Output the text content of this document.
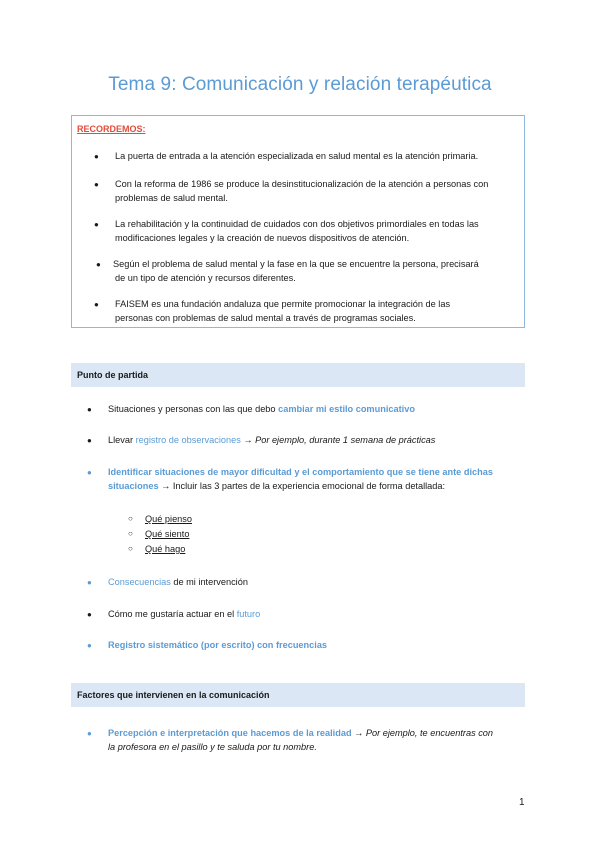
Tema 9: Comunicación y relación terapéutica
RECORDEMOS:
● La puerta de entrada a la atención especializada en salud mental es la atención primaria.
● Con la reforma de 1986 se produce la desinstitucionalización de la atención a personas con
problemas de salud mental.
● La rehabilitación y la continuidad de cuidados con dos objetivos primordiales en todas las
modificaciones legales y la creación de nuevos dispositivos de atención.
● Según el problema de salud mental y la fase en la que se encuentre la persona, precisará
de un tipo de atención y recursos diferentes.
● FAISEM es una fundación andaluza que permite promocionar la integración de las
personas con problemas de salud mental a través de programas sociales.
Punto de partida
● Situaciones y personas con las que debo cambiar mi estilo comunicativo
● Llevar registro de observaciones → Por ejemplo, durante 1 semana de prácticas
● Identificar situaciones de mayor dificultad y el comportamiento que se tiene ante dichas
situaciones → Incluir las 3 partes de la experiencia emocional de forma detallada:
○ Qué pienso
○ Qué siento
○ Qué hago
● Consecuencias de mi intervención
● Cómo me gustaría actuar en el futuro
● Registro sistemático (por escrito) con frecuencias
Factores que intervienen en la comunicación
● Percepción e interpretación que hacemos de la realidad → Por ejemplo, te encuentras con
la profesora en el pasillo y te saluda por tu nombre.
1
